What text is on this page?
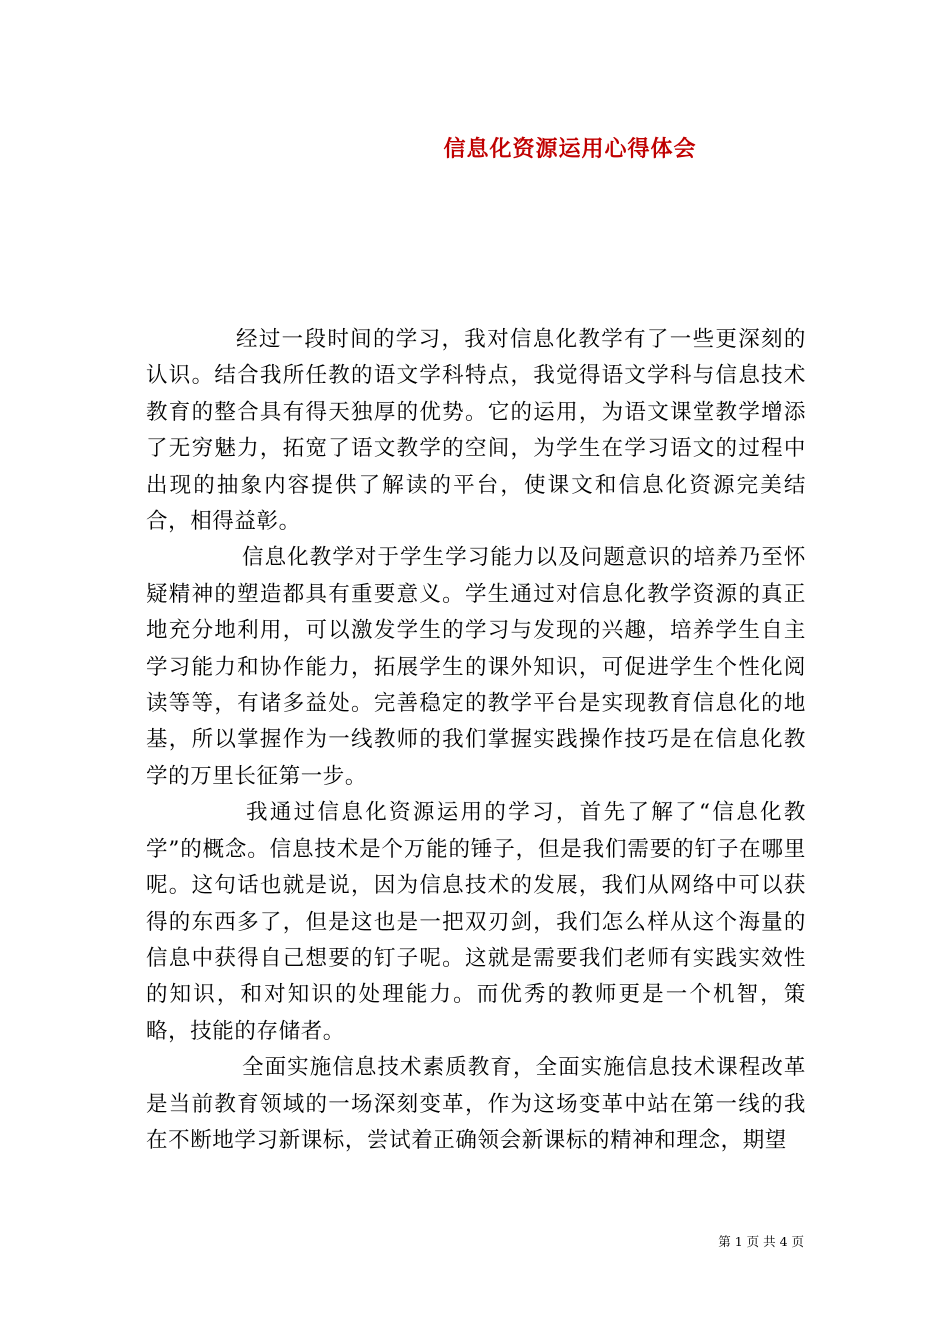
信息化资源运用心得体会

经过一段时间的学习，我对信息化教学有了一些更深刻的认识。结合我所任教的语文学科特点，我觉得语文学科与信息技术教育的整合具有得天独厚的优势。它的运用，为语文课堂教学增添了无穷魅力，拓宽了语文教学的空间，为学生在学习语文的过程中出现的抽象内容提供了解读的平台，使课文和信息化资源完美结合，相得益彰。

信息化教学对于学生学习能力以及问题意识的培养乃至怀疑精神的塑造都具有重要意义。学生通过对信息化教学资源的真正地充分地利用，可以激发学生的学习与发现的兴趣，培养学生自主学习能力和协作能力，拓展学生的课外知识，可促进学生个性化阅读等等，有诸多益处。完善稳定的教学平台是实现教育信息化的地基，所以掌握作为一线教师的我们掌握实践操作技巧是在信息化教学的万里长征第一步。

我通过信息化资源运用的学习，首先了解了“信息化教学”的概念。信息技术是个万能的锤子，但是我们需要的钉子在哪里呢。这句话也就是说，因为信息技术的发展，我们从网络中可以获得的东西多了，但是这也是一把双刃剑，我们怎么样从这个海量的信息中获得自己想要的钉子呢。这就是需要我们老师有实践实效性的知识，和对知识的处理能力。而优秀的教师更是一个机智，策略，技能的存储者。

全面实施信息技术素质教育，全面实施信息技术课程改革是当前教育领域的一场深刻变革，作为这场变革中站在第一线的我在不断地学习新课标，尝试着正确领会新课标的精神和理念，期望

第 1 页 共 4 页
